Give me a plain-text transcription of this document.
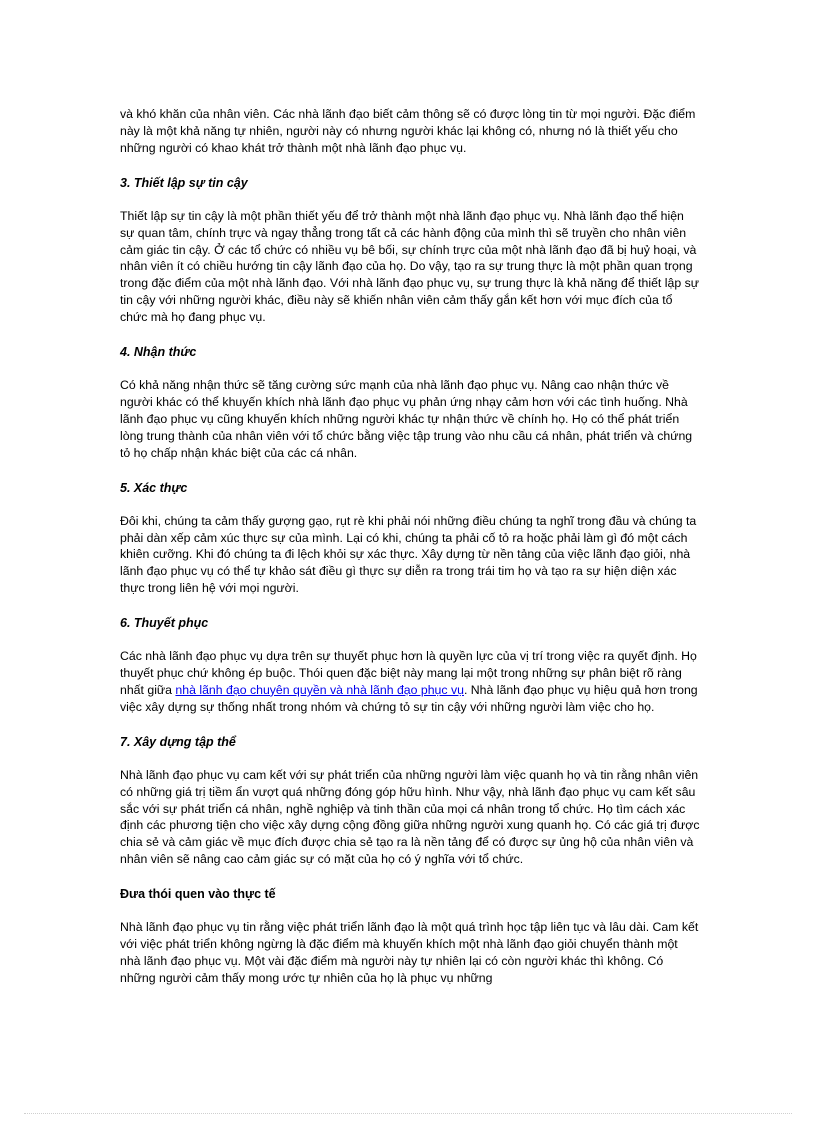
và khó khăn của nhân viên. Các nhà lãnh đạo biết cảm thông sẽ có được lòng tin từ mọi người. Đặc điểm này là một khả năng tự nhiên, người này có nhưng người khác lại không có, nhưng nó là thiết yếu cho những người có khao khát trở thành một nhà lãnh đạo phục vụ.

3. Thiết lập sự tin cậy

Thiết lập sự tin cậy là một phần thiết yếu để trở thành một nhà lãnh đạo phục vụ. Nhà lãnh đạo thể hiện sự quan tâm, chính trực và ngay thẳng trong tất cả các hành động của mình thì sẽ truyền cho nhân viên cảm giác tin cậy. Ở các tổ chức có nhiều vụ bê bối, sự chính trực của một nhà lãnh đạo đã bị huỷ hoại, và nhân viên ít có chiều hướng tin cậy lãnh đạo của họ. Do vậy, tạo ra sự trung thực là một phần quan trọng trong đặc điểm của một nhà lãnh đạo. Với nhà lãnh đạo phục vụ, sự trung thực là khả năng để thiết lập sự tin cậy với những người khác, điều này sẽ khiến nhân viên cảm thấy gắn kết hơn với mục đích của tổ chức mà họ đang phục vụ.

4. Nhận thức

Có khả năng nhận thức sẽ tăng cường sức mạnh của nhà lãnh đạo phục vụ. Nâng cao nhận thức về người khác có thể khuyến khích nhà lãnh đạo phục vụ phản ứng nhạy cảm hơn với các tình huống. Nhà lãnh đạo phục vụ cũng khuyến khích những người khác tự nhận thức về chính họ. Họ có thể phát triển lòng trung thành của nhân viên với tổ chức bằng việc tập trung vào nhu cầu cá nhân, phát triển và chứng tỏ họ chấp nhận khác biệt của các cá nhân.

5. Xác thực

Đôi khi, chúng ta cảm thấy gượng gạo, rụt rè khi phải nói những điều chúng ta nghĩ trong đầu và chúng ta phải dàn xếp cảm xúc thực sự của mình. Lại có khi, chúng ta phải cố tỏ ra hoặc phải làm gì đó một cách khiên cưỡng. Khi đó chúng ta đi lệch khỏi sự xác thực. Xây dựng từ nền tảng của việc lãnh đạo giỏi, nhà lãnh đạo phục vụ có thể tự khảo sát điều gì thực sự diễn ra trong trái tim họ và tạo ra sự hiện diện xác thực trong liên hệ với mọi người.

6. Thuyết phục

Các nhà lãnh đạo phục vụ dựa trên sự thuyết phục hơn là quyền lực của vị trí trong việc ra quyết định. Họ thuyết phục chứ không ép buộc. Thói quen đặc biệt này mang lại một trong những sự phân biệt rõ ràng nhất giữa nhà lãnh đạo chuyên quyền và nhà lãnh đạo phục vụ. Nhà lãnh đạo phục vụ hiệu quả hơn trong việc xây dựng sự thống nhất trong nhóm và chứng tỏ sự tin cậy với những người làm việc cho họ.

7. Xây dựng tập thể

Nhà lãnh đạo phục vụ cam kết với sự phát triển của những người làm việc quanh họ và tin rằng nhân viên có những giá trị tiềm ẩn vượt quá những đóng góp hữu hình. Như vậy, nhà lãnh đạo phục vụ cam kết sâu sắc với sự phát triển cá nhân, nghề nghiệp và tinh thần của mọi cá nhân trong tổ chức. Họ tìm cách xác định các phương tiện cho việc xây dựng cộng đồng giữa những người xung quanh họ. Có các giá trị được chia sẻ và cảm giác về mục đích được chia sẻ tạo ra là nền tảng để có được sự ủng hộ của nhân viên và nhân viên sẽ nâng cao cảm giác sự có mặt của họ có ý nghĩa với tổ chức.

Đưa thói quen vào thực tế

Nhà lãnh đạo phục vụ tin rằng việc phát triển lãnh đạo là một quá trình học tập liên tục và lâu dài. Cam kết với việc phát triển không ngừng là đặc điểm mà khuyến khích một nhà lãnh đạo giỏi chuyển thành một nhà lãnh đạo phục vụ. Một vài đặc điểm mà người này tự nhiên lại có còn người khác thì không. Có những người cảm thấy mong ước tự nhiên của họ là phục vụ những
